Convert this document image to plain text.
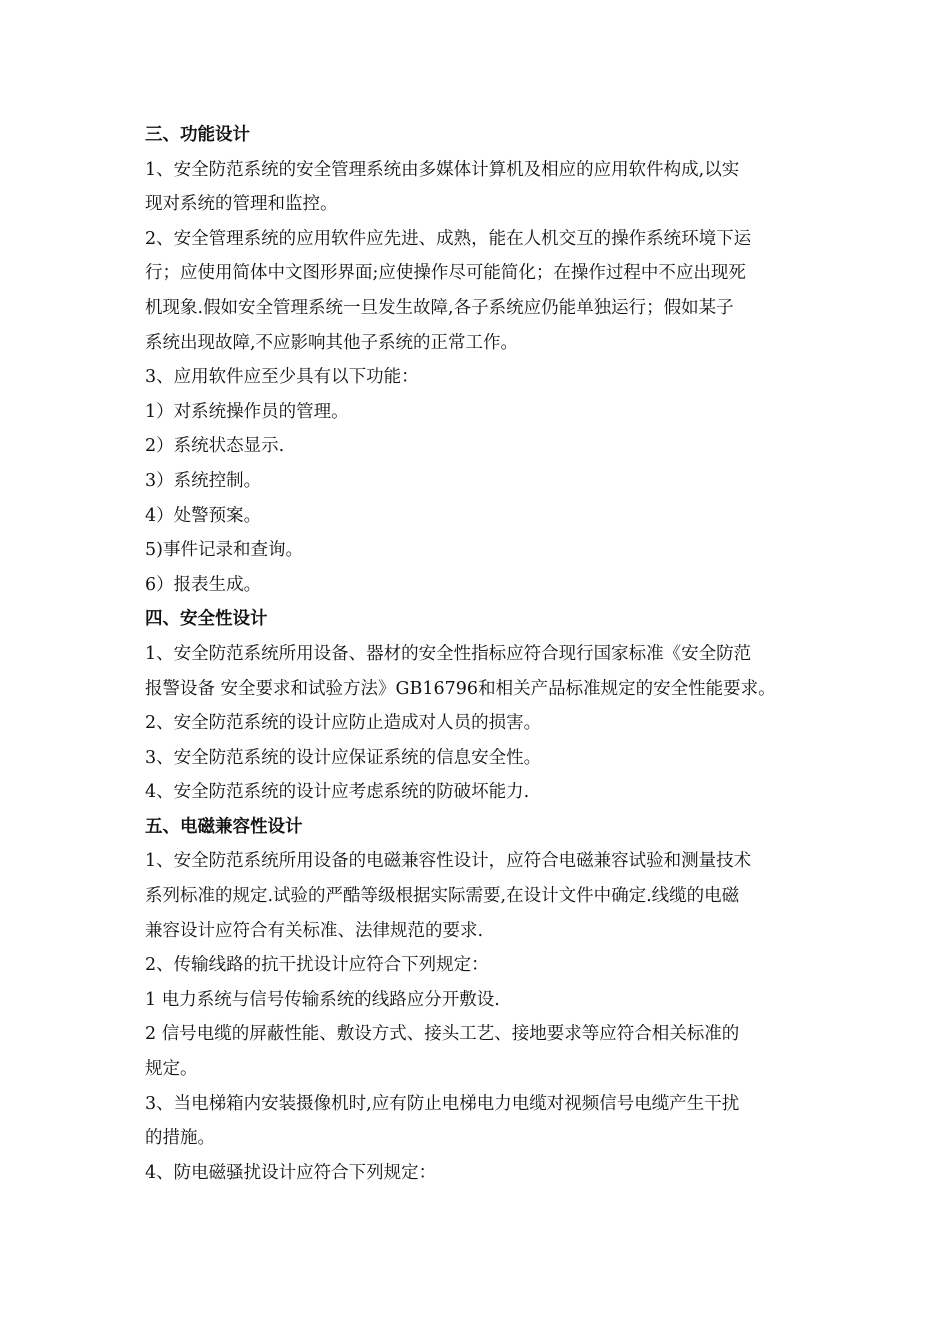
三、功能设计
1、安全防范系统的安全管理系统由多媒体计算机及相应的应用软件构成,以实
现对系统的管理和监控。
2、安全管理系统的应用软件应先进、成熟，能在人机交互的操作系统环境下运
行；应使用简体中文图形界面;应使操作尽可能简化；在操作过程中不应出现死
机现象.假如安全管理系统一旦发生故障,各子系统应仍能单独运行；假如某子
系统出现故障,不应影响其他子系统的正常工作。
3、应用软件应至少具有以下功能：
1）对系统操作员的管理。
2）系统状态显示.
3）系统控制。
4）处警预案。
5)事件记录和查询。
6）报表生成。
四、安全性设计
1、安全防范系统所用设备、器材的安全性指标应符合现行国家标准《安全防范
报警设备 安全要求和试验方法》GB16796和相关产品标准规定的安全性能要求。
2、安全防范系统的设计应防止造成对人员的损害。
3、安全防范系统的设计应保证系统的信息安全性。
4、安全防范系统的设计应考虑系统的防破坏能力.
五、电磁兼容性设计
1、安全防范系统所用设备的电磁兼容性设计，应符合电磁兼容试验和测量技术
系列标准的规定.试验的严酷等级根据实际需要,在设计文件中确定.线缆的电磁
兼容设计应符合有关标准、法律规范的要求.
2、传输线路的抗干扰设计应符合下列规定：
1 电力系统与信号传输系统的线路应分开敷设.
2 信号电缆的屏蔽性能、敷设方式、接头工艺、接地要求等应符合相关标准的
规定。
3、当电梯箱内安装摄像机时,应有防止电梯电力电缆对视频信号电缆产生干扰
的措施。
4、防电磁骚扰设计应符合下列规定：
